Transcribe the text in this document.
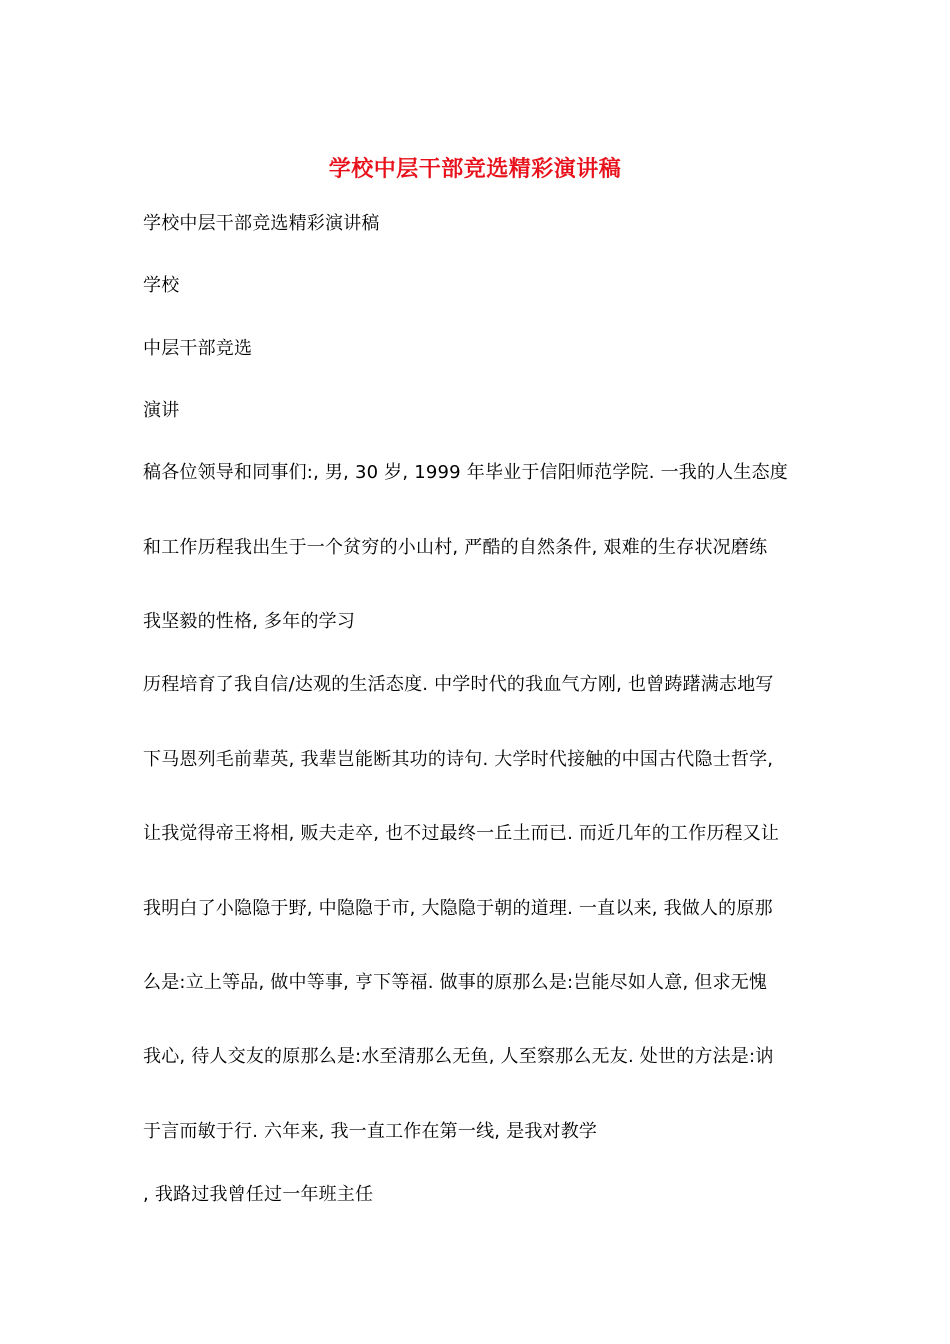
学校中层干部竞选精彩演讲稿
学校中层干部竞选精彩演讲稿
学校
中层干部竞选
演讲
稿各位领导和同事们:, 男, 30 岁, 1999 年毕业于信阳师范学院. 一我的人生态度
和工作历程我出生于一个贫穷的小山村, 严酷的自然条件, 艰难的生存状况磨练
我坚毅的性格, 多年的学习
历程培育了我自信/达观的生活态度. 中学时代的我血气方刚, 也曾踌躇满志地写
下马恩列毛前辈英, 我辈岂能断其功的诗句. 大学时代接触的中国古代隐士哲学,
让我觉得帝王将相, 贩夫走卒, 也不过最终一丘土而已. 而近几年的工作历程又让
我明白了小隐隐于野, 中隐隐于市, 大隐隐于朝的道理. 一直以来, 我做人的原那
么是:立上等品, 做中等事, 亨下等福. 做事的原那么是:岂能尽如人意, 但求无愧
我心, 待人交友的原那么是:水至清那么无鱼, 人至察那么无友. 处世的方法是:讷
于言而敏于行. 六年来, 我一直工作在第一线, 是我对教学
, 我路过我曾任过一年班主任
